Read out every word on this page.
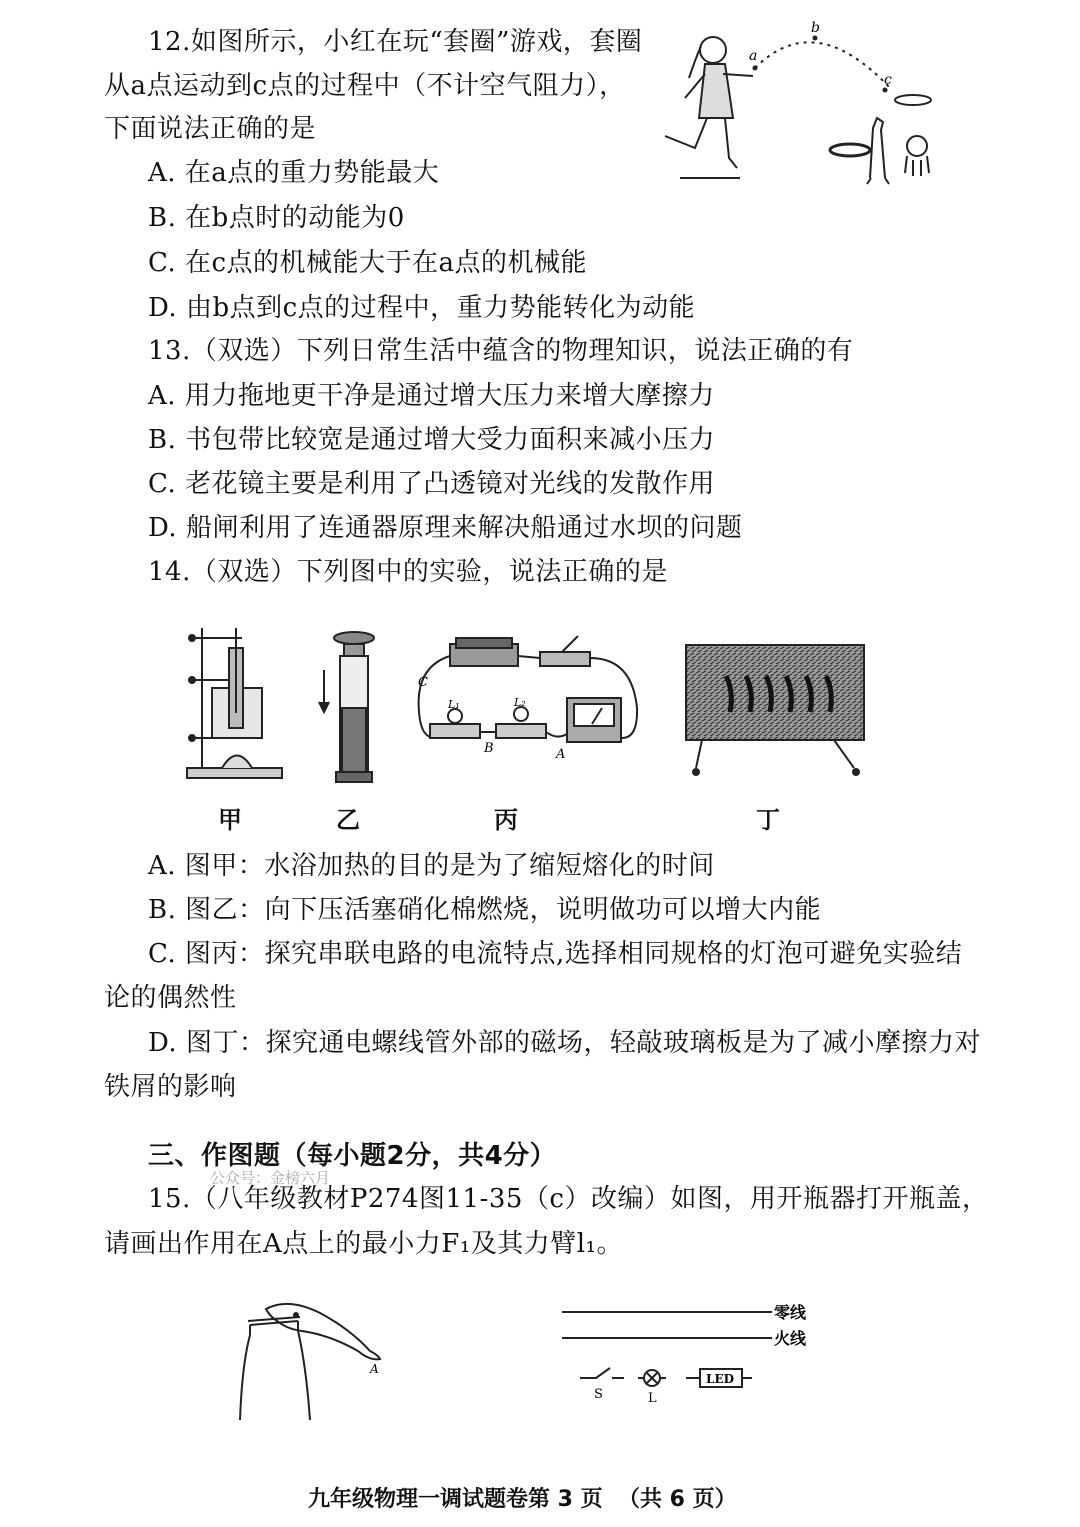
12.如图所示，小红在玩“套圈”游戏，套圈
从a点运动到c点的过程中（不计空气阻力），
下面说法正确的是
A. 在a点的重力势能最大
B. 在b点时的动能为0
C. 在c点的机械能大于在a点的机械能
D. 由b点到c点的过程中，重力势能转化为动能
a
b
c
13.（双选）下列日常生活中蕴含的物理知识，说法正确的有
A. 用力拖地更干净是通过增大压力来增大摩擦力
B. 书包带比较宽是通过增大受力面积来减小压力
C. 老花镜主要是利用了凸透镜对光线的发散作用
D. 船闸利用了连通器原理来解决船通过水坝的问题
14.（双选）下列图中的实验，说法正确的是
C
B	A
L₁	L₂
甲	乙	丙	丁
A. 图甲：水浴加热的目的是为了缩短熔化的时间
B. 图乙：向下压活塞硝化棉燃烧，说明做功可以增大内能
C. 图丙：探究串联电路的电流特点,选择相同规格的灯泡可避免实验结
论的偶然性
D. 图丁：探究通电螺线管外部的磁场，轻敲玻璃板是为了减小摩擦力对
铁屑的影响
三、作图题（每小题2分，共4分）
公众号：金榜六月
15.（八年级教材P274图11-35（c）改编）如图，用开瓶器打开瓶盖，
请画出作用在A点上的最小力F₁及其力臂l₁。
A
零线
火线
S	L
LED
九年级物理一调试题卷 第 3 页 （共 6 页）
